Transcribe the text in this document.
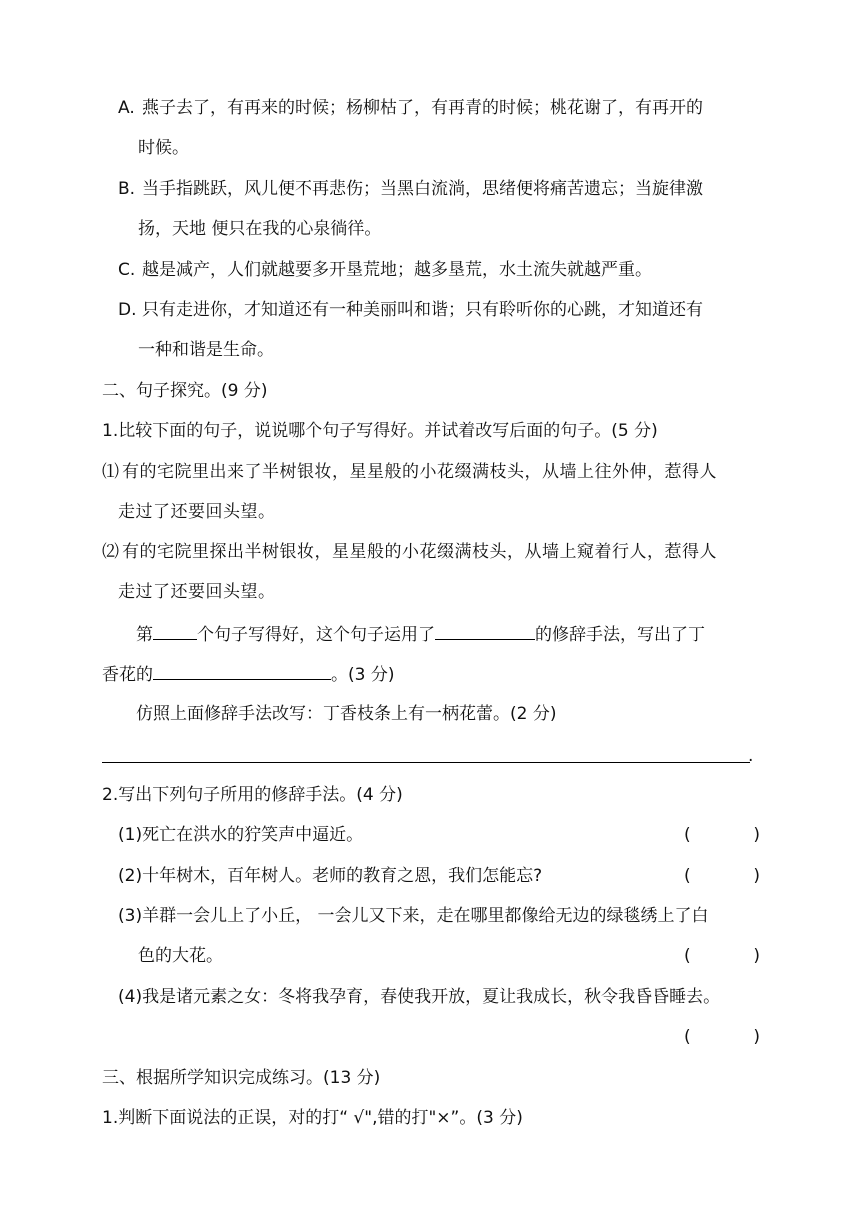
A. 燕子去了，有再来的时候；杨柳枯了，有再青的时候；桃花谢了，有再开的
时候。
B. 当手指跳跃，风儿便不再悲伤；当黑白流淌，思绪便将痛苦遗忘；当旋律激
扬，天地 便只在我的心泉徜徉。
C. 越是减产，人们就越要多开垦荒地；越多垦荒，水土流失就越严重。
D. 只有走进你，才知道还有一种美丽叫和谐；只有聆听你的心跳，才知道还有
一种和谐是生命。
二、句子探究。(9 分)
1.比较下面的句子，说说哪个句子写得好。并试着改写后面的句子。(5 分)
⑴ 有的宅院里出来了半树银妆，星星般的小花缀满枝头，从墙上往外伸，惹得人
走过了还要回头望。
⑵ 有的宅院里探出半树银妆，星星般的小花缀满枝头，从墙上窥着行人，惹得人
走过了还要回头望。
第	个句子写得好，这个句子运用了	的修辞手法，写出了丁
香花的	。(3 分)
仿照上面修辞手法改写：丁香枝条上有一柄花蕾。(2 分)
.
2.写出下列句子所用的修辞手法。(4 分)
(1)死亡在洪水的狞笑声中逼近。	(	)
(2)十年树木，百年树人。老师的教育之恩，我们怎能忘?	(	)
(3)羊群一会儿上了小丘， 一会儿又下来，走在哪里都像给无边的绿毯绣上了白
色的大花。	(	)
(4)我是诸元素之女：冬将我孕育，春使我开放，夏让我成长，秋令我昏昏睡去。
(	)
三、根据所学知识完成练习。(13 分)
1.判断下面说法的正误，对的打“ √",错的打"×”。(3 分)
